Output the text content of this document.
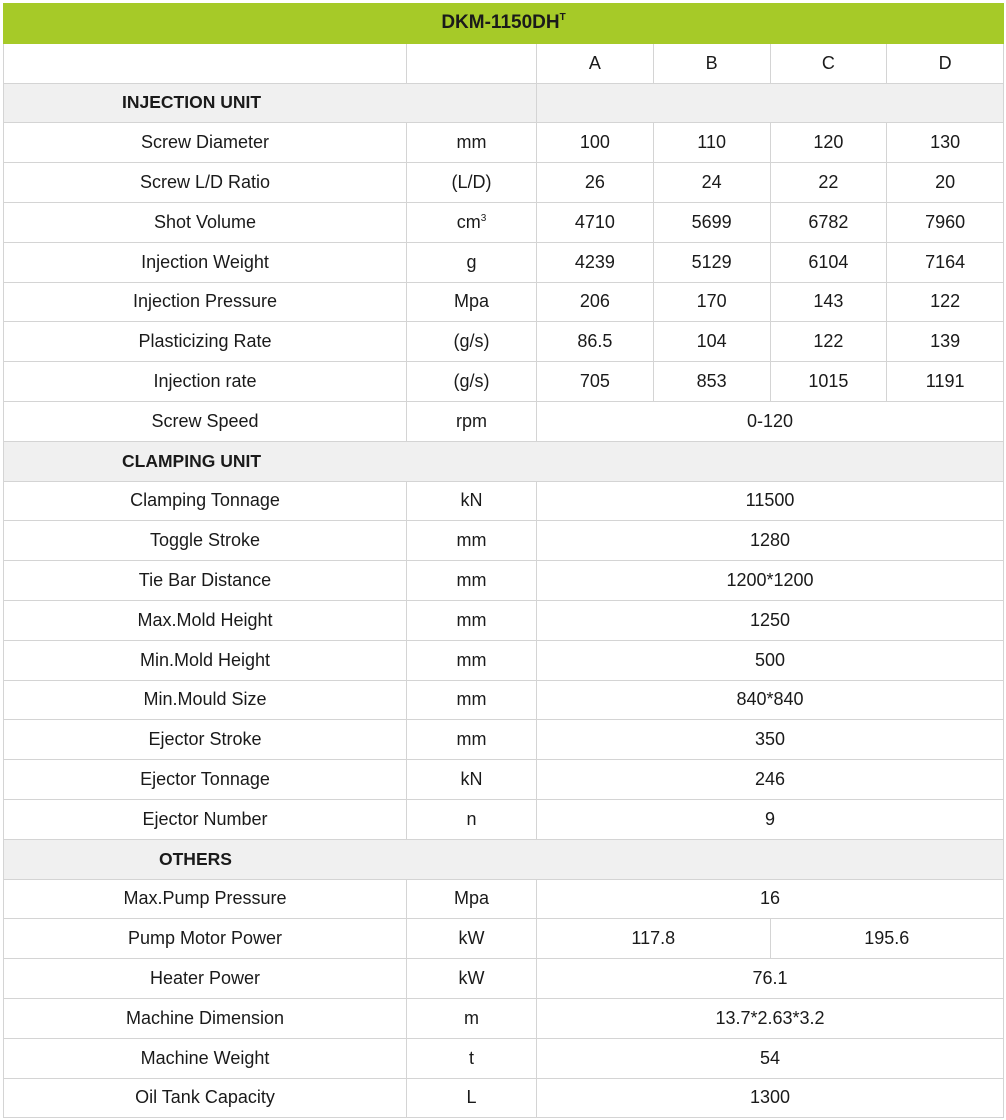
DKM-$1150DH^T$
		A	B	C	D
INJECTION UNIT					
Screw Diameter	mm	100	110	120	130
Screw L/D Ratio	(L/D)	26	24	22	20
Shot Volume	$cm^3$	4710	5699	6782	7960
Injection Weight	g	4239	5129	6104	7164
Injection Pressure	Mpa	206	170	143	122
Plasticizing Rate	(g/s)	86.5	104	122	139
Injection rate	(g/s)	705	853	1015	1191
Screw Speed	rpm	0-120			
CLAMPING UNIT					
Clamping Tonnage	kN	11500			
Toggle Stroke	mm	1280			
Tie Bar Distance	mm	1200*1200			
Max.Mold Height	mm	1250			
Min.Mold Height	mm	500			
Min.Mould Size	mm	840*840			
Ejector Stroke	mm	350			
Ejector Tonnage	kN	246			
Ejector Number	n	9			
OTHERS					
Max.Pump Pressure	Mpa	16			
Pump Motor Power	kW	117.8		195.6	
Heater Power	kW	76.1			
Machine Dimension	m	13.7*2.63*3.2			
Machine Weight	t	54			
Oil Tank Capacity	L	1300			
